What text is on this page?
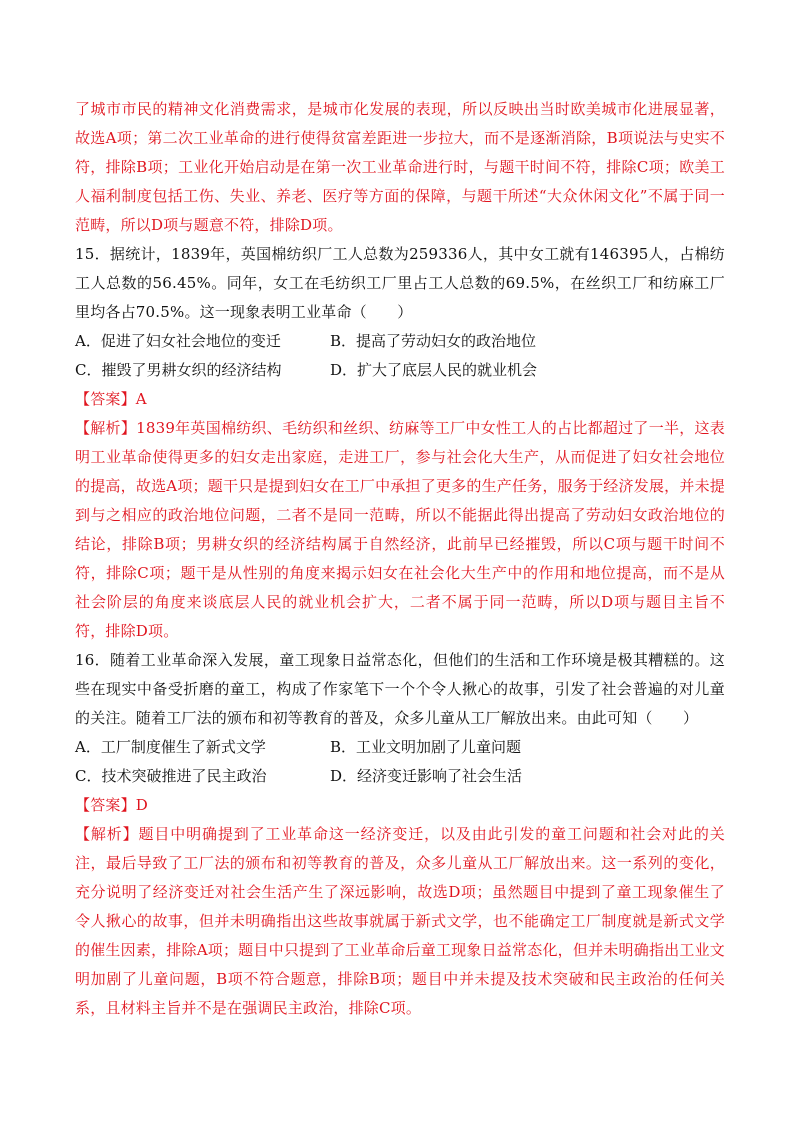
了城市市民的精神文化消费需求，是城市化发展的表现，所以反映出当时欧美城市化进展显著，故选A项；第二次工业革命的进行使得贫富差距进一步拉大，而不是逐渐消除，B项说法与史实不符，排除B项；工业化开始启动是在第一次工业革命进行时，与题干时间不符，排除C项；欧美工人福利制度包括工伤、失业、养老、医疗等方面的保障，与题干所述“大众休闲文化”不属于同一范畴，所以D项与题意不符，排除D项。

15．据统计，1839年，英国棉纺织厂工人总数为259336人，其中女工就有146395人，占棉纺工人总数的56.45%。同年，女工在毛纺织工厂里占工人总数的69.5%，在丝织工厂和纺麻工厂里均各占70.5%。这一现象表明工业革命（　　）

A．促进了妇女社会地位的变迁	B．提高了劳动妇女的政治地位
C．摧毁了男耕女织的经济结构	D．扩大了底层人民的就业机会

【答案】A

【解析】1839年英国棉纺织、毛纺织和丝织、纺麻等工厂中女性工人的占比都超过了一半，这表明工业革命使得更多的妇女走出家庭，走进工厂，参与社会化大生产，从而促进了妇女社会地位的提高，故选A项；题干只是提到妇女在工厂中承担了更多的生产任务，服务于经济发展，并未提到与之相应的政治地位问题，二者不是同一范畴，所以不能据此得出提高了劳动妇女政治地位的结论，排除B项；男耕女织的经济结构属于自然经济，此前早已经摧毁，所以C项与题干时间不符，排除C项；题干是从性别的角度来揭示妇女在社会化大生产中的作用和地位提高，而不是从社会阶层的角度来谈底层人民的就业机会扩大，二者不属于同一范畴，所以D项与题目主旨不符，排除D项。

16．随着工业革命深入发展，童工现象日益常态化，但他们的生活和工作环境是极其糟糕的。这些在现实中备受折磨的童工，构成了作家笔下一个个令人揪心的故事，引发了社会普遍的对儿童的关注。随着工厂法的颁布和初等教育的普及，众多儿童从工厂解放出来。由此可知（　　）

A．工厂制度催生了新式文学	B．工业文明加剧了儿童问题
C．技术突破推进了民主政治	D．经济变迁影响了社会生活

【答案】D

【解析】题目中明确提到了工业革命这一经济变迁，以及由此引发的童工问题和社会对此的关注，最后导致了工厂法的颁布和初等教育的普及，众多儿童从工厂解放出来。这一系列的变化，充分说明了经济变迁对社会生活产生了深远影响，故选D项；虽然题目中提到了童工现象催生了令人揪心的故事，但并未明确指出这些故事就属于新式文学，也不能确定工厂制度就是新式文学的催生因素，排除A项；题目中只提到了工业革命后童工现象日益常态化，但并未明确指出工业文明加剧了儿童问题，B项不符合题意，排除B项；题目中并未提及技术突破和民主政治的任何关系，且材料主旨并不是在强调民主政治，排除C项。
